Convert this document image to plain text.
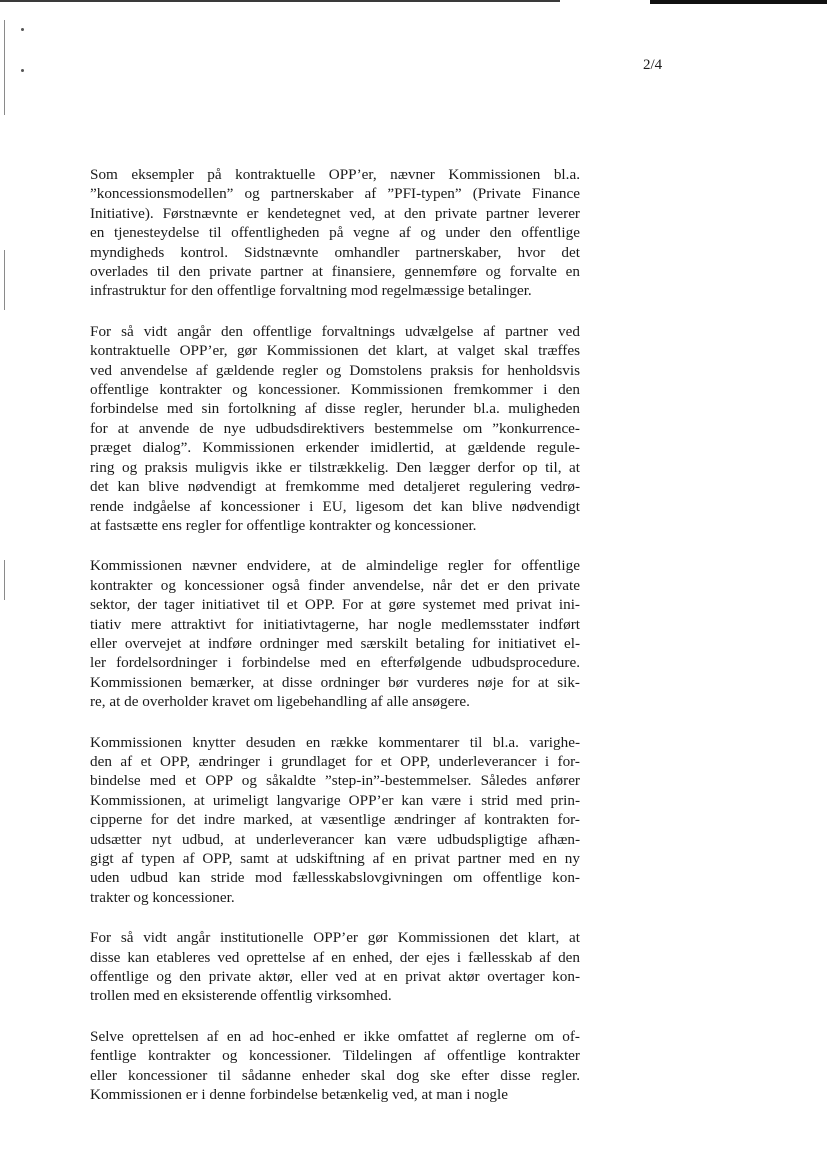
2/4

Som eksempler på kontraktuelle OPP’er, nævner Kommissionen bl.a.
”koncessionsmodellen” og partnerskaber af ”PFI-typen” (Private Finance
Initiative). Førstnævnte er kendetegnet ved, at den private partner leverer
en tjenesteydelse til offentligheden på vegne af og under den offentlige
myndigheds kontrol. Sidstnævnte omhandler partnerskaber, hvor det
overlades til den private partner at finansiere, gennemføre og forvalte en
infrastruktur for den offentlige forvaltning mod regelmæssige betalinger.

For så vidt angår den offentlige forvaltnings udvælgelse af partner ved
kontraktuelle OPP’er, gør Kommissionen det klart, at valget skal træffes
ved anvendelse af gældende regler og Domstolens praksis for henholdsvis
offentlige kontrakter og koncessioner. Kommissionen fremkommer i den
forbindelse med sin fortolkning af disse regler, herunder bl.a. muligheden
for at anvende de nye udbudsdirektivers bestemmelse om ”konkurrence-
præget dialog”. Kommissionen erkender imidlertid, at gældende regule-
ring og praksis muligvis ikke er tilstrækkelig. Den lægger derfor op til, at
det kan blive nødvendigt at fremkomme med detaljeret regulering vedrø-
rende indgåelse af koncessioner i EU, ligesom det kan blive nødvendigt
at fastsætte ens regler for offentlige kontrakter og koncessioner.

Kommissionen nævner endvidere, at de almindelige regler for offentlige
kontrakter og koncessioner også finder anvendelse, når det er den private
sektor, der tager initiativet til et OPP. For at gøre systemet med privat ini-
tiativ mere attraktivt for initiativtagerne, har nogle medlemsstater indført
eller overvejet at indføre ordninger med særskilt betaling for initiativet el-
ler fordelsordninger i forbindelse med en efterfølgende udbudsprocedure.
Kommissionen bemærker, at disse ordninger bør vurderes nøje for at sik-
re, at de overholder kravet om ligebehandling af alle ansøgere.

Kommissionen knytter desuden en række kommentarer til bl.a. varighe-
den af et OPP, ændringer i grundlaget for et OPP, underleverancer i for-
bindelse med et OPP og såkaldte ”step-in”-bestemmelser. Således anfører
Kommissionen, at urimeligt langvarige OPP’er kan være i strid med prin-
cipperne for det indre marked, at væsentlige ændringer af kontrakten for-
udsætter nyt udbud, at underleverancer kan være udbudspligtige afhæn-
gigt af typen af OPP, samt at udskiftning af en privat partner med en ny
uden udbud kan stride mod fællesskabslovgivningen om offentlige kon-
trakter og koncessioner.

For så vidt angår institutionelle OPP’er gør Kommissionen det klart, at
disse kan etableres ved oprettelse af en enhed, der ejes i fællesskab af den
offentlige og den private aktør, eller ved at en privat aktør overtager kon-
trollen med en eksisterende offentlig virksomhed.

Selve oprettelsen af en ad hoc-enhed er ikke omfattet af reglerne om of-
fentlige kontrakter og koncessioner. Tildelingen af offentlige kontrakter
eller koncessioner til sådanne enheder skal dog ske efter disse regler.
Kommissionen er i denne forbindelse betænkelig ved, at man i nogle
